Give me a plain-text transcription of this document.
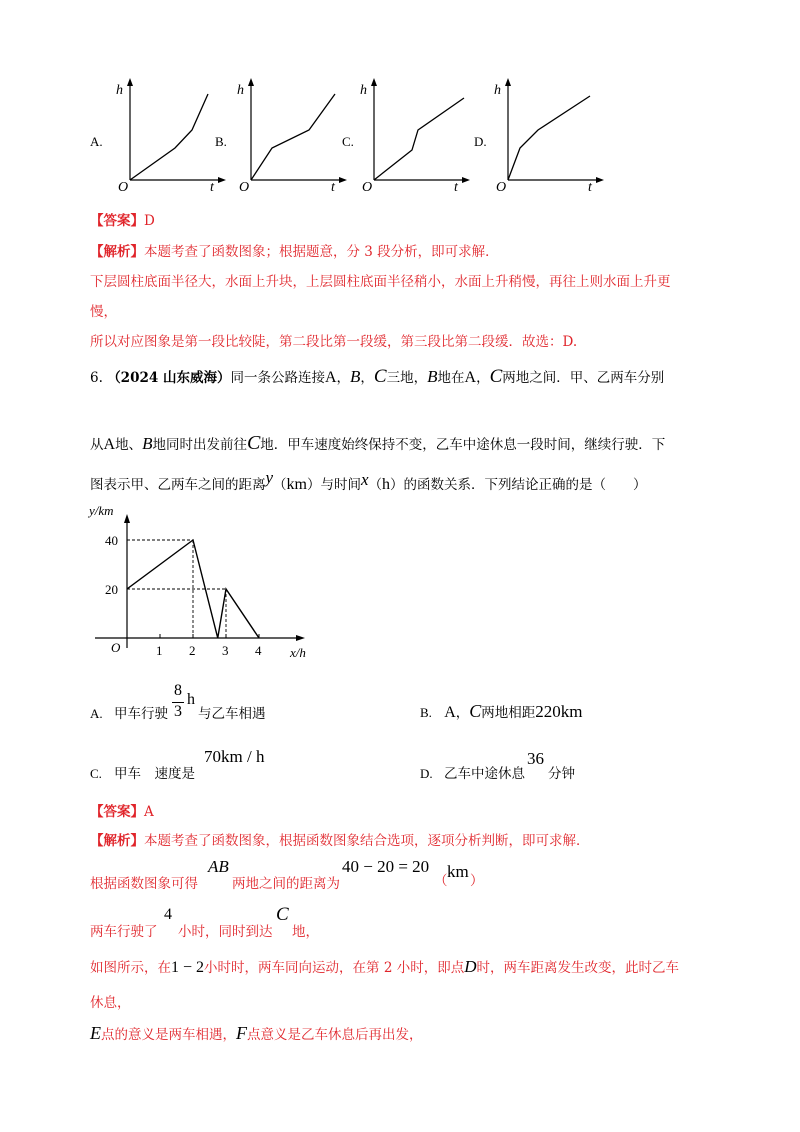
A.
h
O	t
B.
h
O	t
C.
h
O	t
D.
h
O	t
【答案】D
【解析】本题考查了函数图象；根据题意，分 3 段分析，即可求解．
下层圆柱底面半径大，水面上升块，上层圆柱底面半径稍小，水面上升稍慢，再往上则水面上升更
慢，
所以对应图象是第一段比较陡，第二段比第一段缓，第三段比第二段缓．故选：D.
6. （2024 山东威海）同一条公路连接A，B，C三地，B地在A，C两地之间．甲、乙两车分别
从A地、B地同时出发前往C地．甲车速度始终保持不变，乙车中途休息一段时间，继续行驶．下
图表示甲、乙两车之间的距离y（km）与时间x（h）的函数关系．下列结论正确的是（　　）
y/km
x/h
O	1 2 3 4
20
40
A. 甲车行驶
8
3
h
与乙车相遇	B. A，C两地相距220km
C. 甲车　速度是
70km / h
D. 乙车中途休息
36
分钟
【答案】A
【解析】本题考查了函数图象，根据函数图象结合选项，逐项分析判断，即可求解．
根据函数图象可得
AB
两地之间的距离为
40 − 20 = 20
（ km ）
两车行驶了
4
小时，同时到达
C
地，
如图所示，在1 − 2小时时，两车同向运动，在第 2 小时，即点D时，两车距离发生改变，此时乙车
休息，
E点的意义是两车相遇，F点意义是乙车休息后再出发，
